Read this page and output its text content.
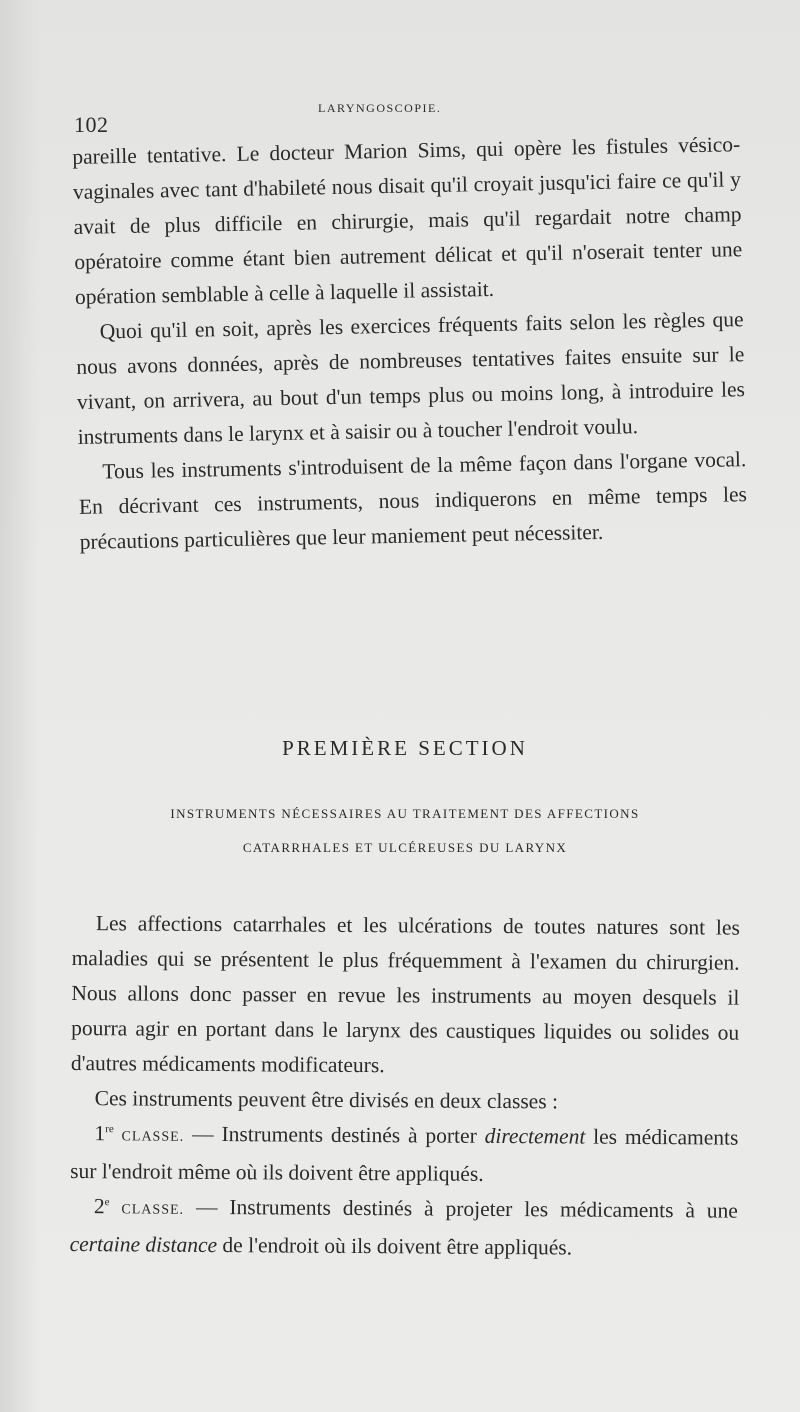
102
LARYNGOSCOPIE.

pareille tentative. Le docteur Marion Sims, qui opère les fistules vésico-vaginales avec tant d'habileté nous disait qu'il croyait jusqu'ici faire ce qu'il y avait de plus difficile en chirurgie, mais qu'il regardait notre champ opératoire comme étant bien autrement délicat et qu'il n'oserait tenter une opération semblable à celle à laquelle il assistait.

Quoi qu'il en soit, après les exercices fréquents faits selon les règles que nous avons données, après de nombreuses tentatives faites ensuite sur le vivant, on arrivera, au bout d'un temps plus ou moins long, à introduire les instruments dans le larynx et à saisir ou à toucher l'endroit voulu.

Tous les instruments s'introduisent de la même façon dans l'organe vocal. En décrivant ces instruments, nous indiquerons en même temps les précautions particulières que leur maniement peut nécessiter.

PREMIÈRE SECTION
INSTRUMENTS NÉCESSAIRES AU TRAITEMENT DES AFFECTIONS
CATARRHALES ET ULCÉREUSES DU LARYNX

Les affections catarrhales et les ulcérations de toutes natures sont les maladies qui se présentent le plus fréquemment à l'examen du chirurgien. Nous allons donc passer en revue les instruments au moyen desquels il pourra agir en portant dans le larynx des caustiques liquides ou solides ou d'autres médicaments modificateurs.

Ces instruments peuvent être divisés en deux classes :

1re CLASSE. — Instruments destinés à porter directement les médicaments sur l'endroit même où ils doivent être appliqués.

2e CLASSE. — Instruments destinés à projeter les médicaments à une certaine distance de l'endroit où ils doivent être appliqués.
